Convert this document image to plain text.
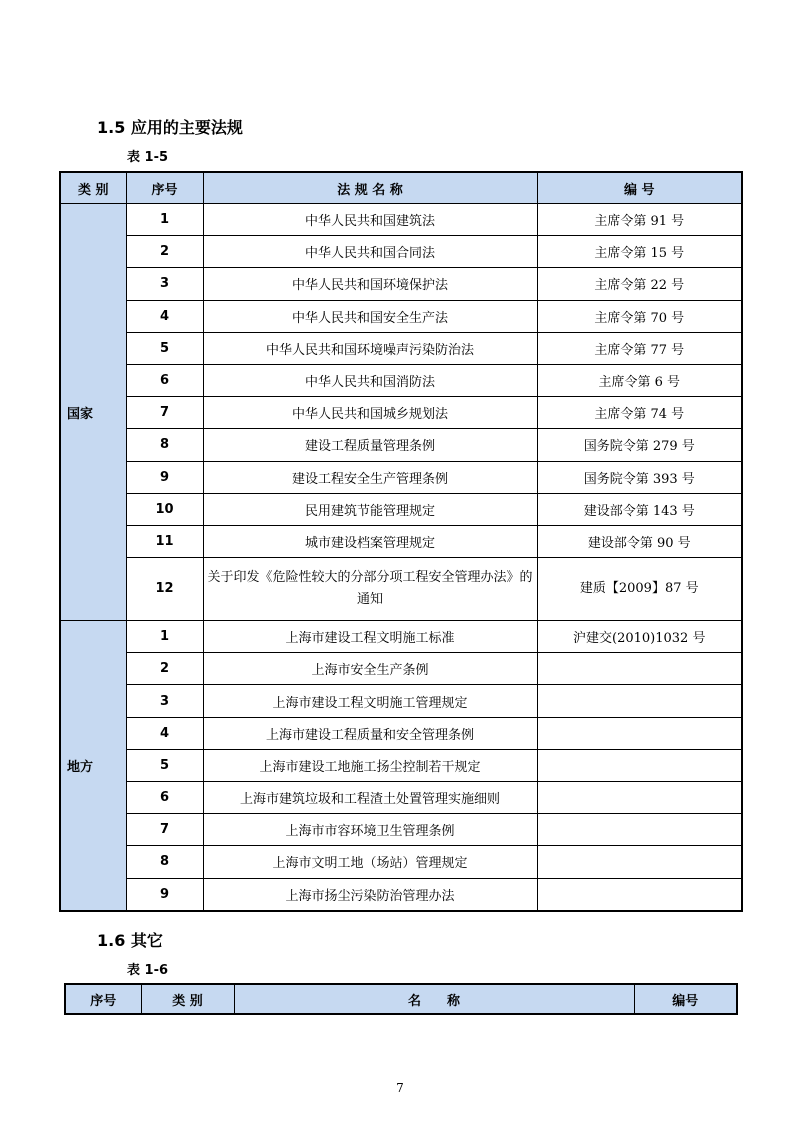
1.5 应用的主要法规
表 1-5
类 别	序号	法 规 名 称	编 号
国家	1	中华人民共和国建筑法	主席令第 91 号
	2	中华人民共和国合同法	主席令第 15 号
	3	中华人民共和国环境保护法	主席令第 22 号
	4	中华人民共和国安全生产法	主席令第 70 号
	5	中华人民共和国环境噪声污染防治法	主席令第 77 号
	6	中华人民共和国消防法	主席令第 6 号
	7	中华人民共和国城乡规划法	主席令第 74 号
	8	建设工程质量管理条例	国务院令第 279 号
	9	建设工程安全生产管理条例	国务院令第 393 号
	10	民用建筑节能管理规定	建设部令第 143 号
	11	城市建设档案管理规定	建设部令第 90 号
	12	关于印发《危险性较大的分部分项工程安全管理办法》的通知	建质【2009】87 号
地方	1	上海市建设工程文明施工标准	沪建交(2010)1032 号
	2	上海市安全生产条例	
	3	上海市建设工程文明施工管理规定	
	4	上海市建设工程质量和安全管理条例	
	5	上海市建设工地施工扬尘控制若干规定	
	6	上海市建筑垃圾和工程渣土处置管理实施细则	
	7	上海市市容环境卫生管理条例	
	8	上海市文明工地（场站）管理规定	
	9	上海市扬尘污染防治管理办法	
1.6 其它
表 1-6
序号	类 别	名　　称	编号
7
